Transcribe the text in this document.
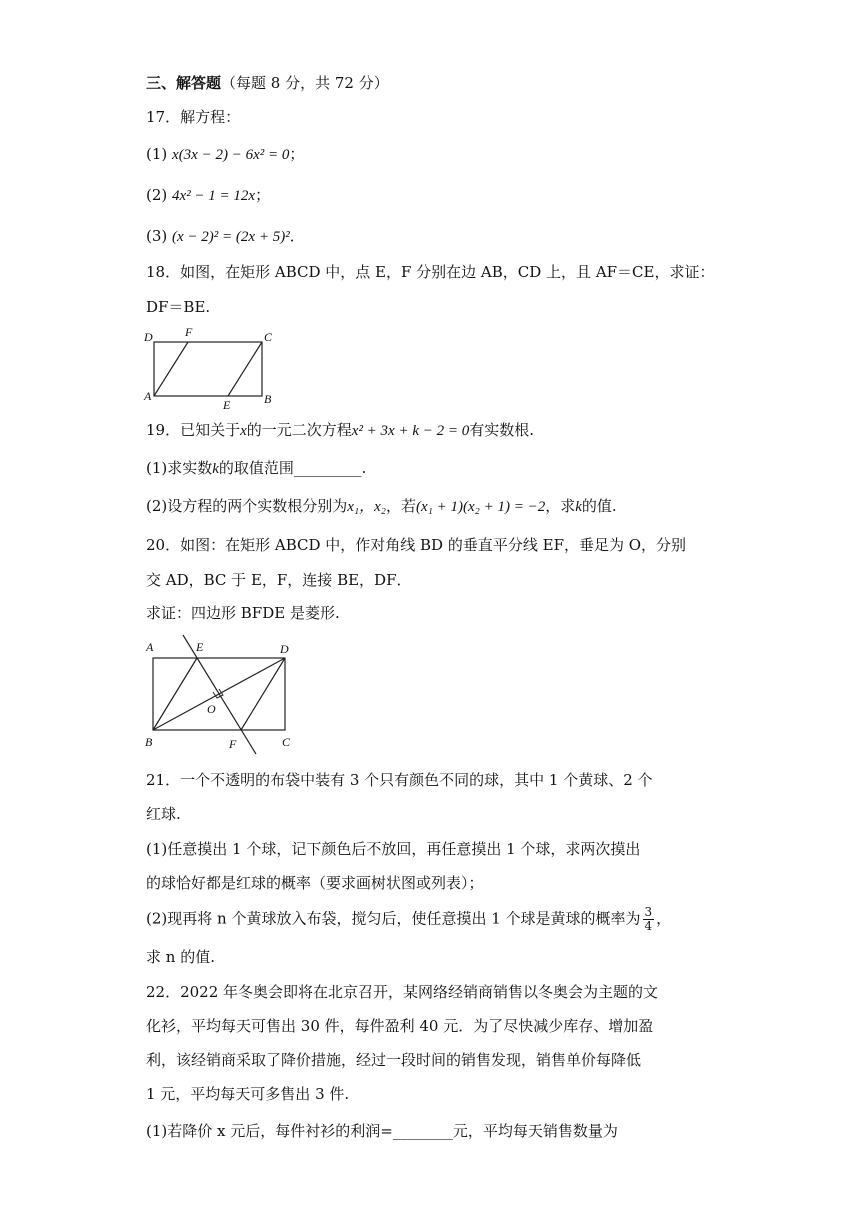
三、解答题（每题 8 分，共 72 分）
17．解方程：
(1) x(3x − 2) − 6x² = 0；
(2) 4x² − 1 = 12x；
(3) (x − 2)² = (2x + 5)²．
18．如图，在矩形 ABCD 中，点 E，F 分别在边 AB，CD 上，且 AF＝CE，求证：
DF＝BE.
D	F	C
A
E	B
19．已知关于x的一元二次方程x² + 3x + k − 2 = 0有实数根.
(1)求实数k的取值范围_________.
(2)设方程的两个实数根分别为x₁，x₂，若(x₁ + 1)(x₂ + 1) = −2，求k的值.
20．如图：在矩形 ABCD 中，作对角线 BD 的垂直平分线 EF，垂足为 O，分别
交 AD，BC 于 E，F，连接 BE，DF．
求证：四边形 BFDE 是菱形.
A	E	D
O
B	F	C
21．一个不透明的布袋中装有 3 个只有颜色不同的球，其中 1 个黄球、2 个
红球.
(1)任意摸出 1 个球，记下颜色后不放回，再任意摸出 1 个球，求两次摸出
的球恰好都是红球的概率（要求画树状图或列表）；
(2)现再将 n 个黄球放入布袋，搅匀后，使任意摸出 1 个球是黄球的概率为 $\frac{3}{4}$ ，
求 n 的值.
22．2022 年冬奥会即将在北京召开，某网络经销商销售以冬奥会为主题的文
化衫，平均每天可售出 30 件，每件盈利 40 元．为了尽快减少库存、增加盈
利，该经销商采取了降价措施，经过一段时间的销售发现，销售单价每降低
1 元，平均每天可多售出 3 件.
(1)若降价 x 元后，每件衬衫的利润=________元，平均每天销售数量为
